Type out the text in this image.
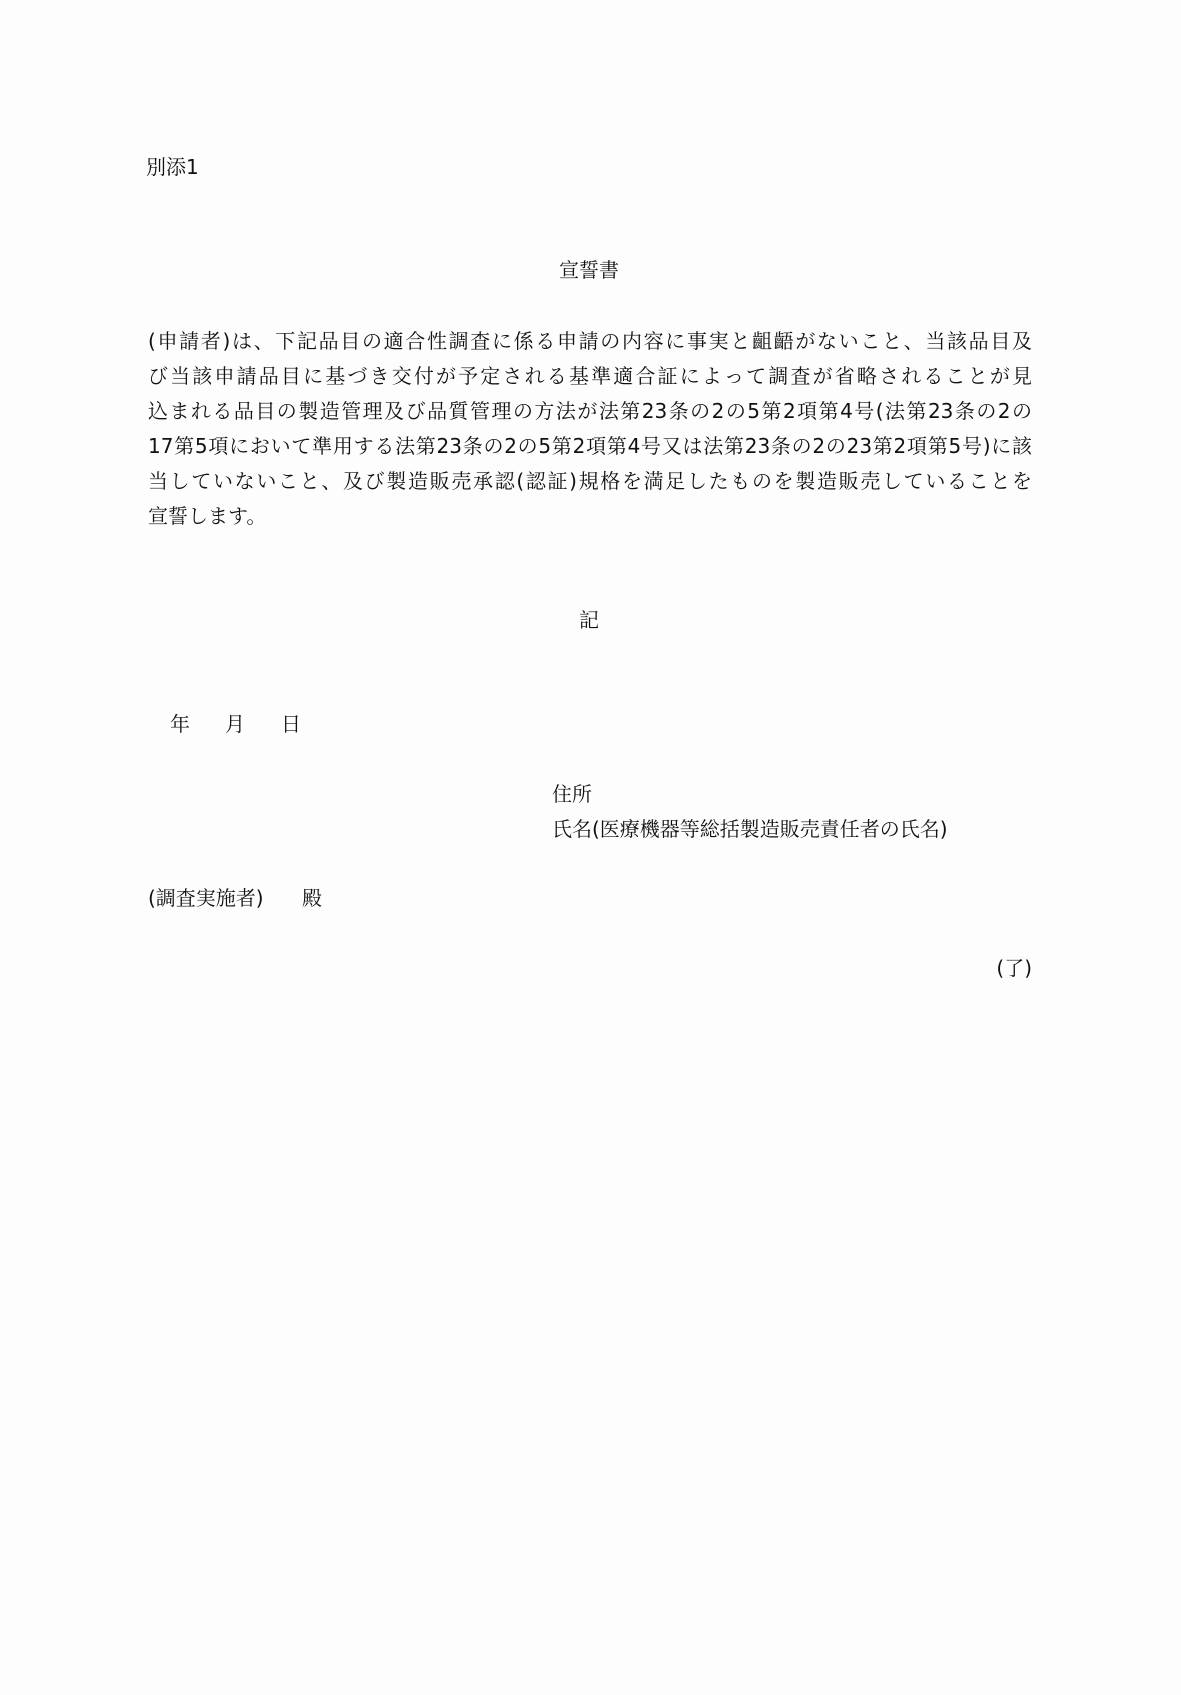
別添1
宣誓書
(申請者)は、下記品目の適合性調査に係る申請の内容に事実と齟齬がないこと、当該品目及
び当該申請品目に基づき交付が予定される基準適合証によって調査が省略されることが見
込まれる品目の製造管理及び品質管理の方法が法第23条の2の5第2項第4号(法第23条の2の
17第5項において準用する法第23条の2の5第2項第4号又は法第23条の2の23第2項第5号)に該
当していないこと、及び製造販売承認(認証)規格を満足したものを製造販売していることを
宣誓します。
記
年 月 日
住所
氏名(医療機器等総括製造販売責任者の氏名)
(調査実施者) 殿
(了)
